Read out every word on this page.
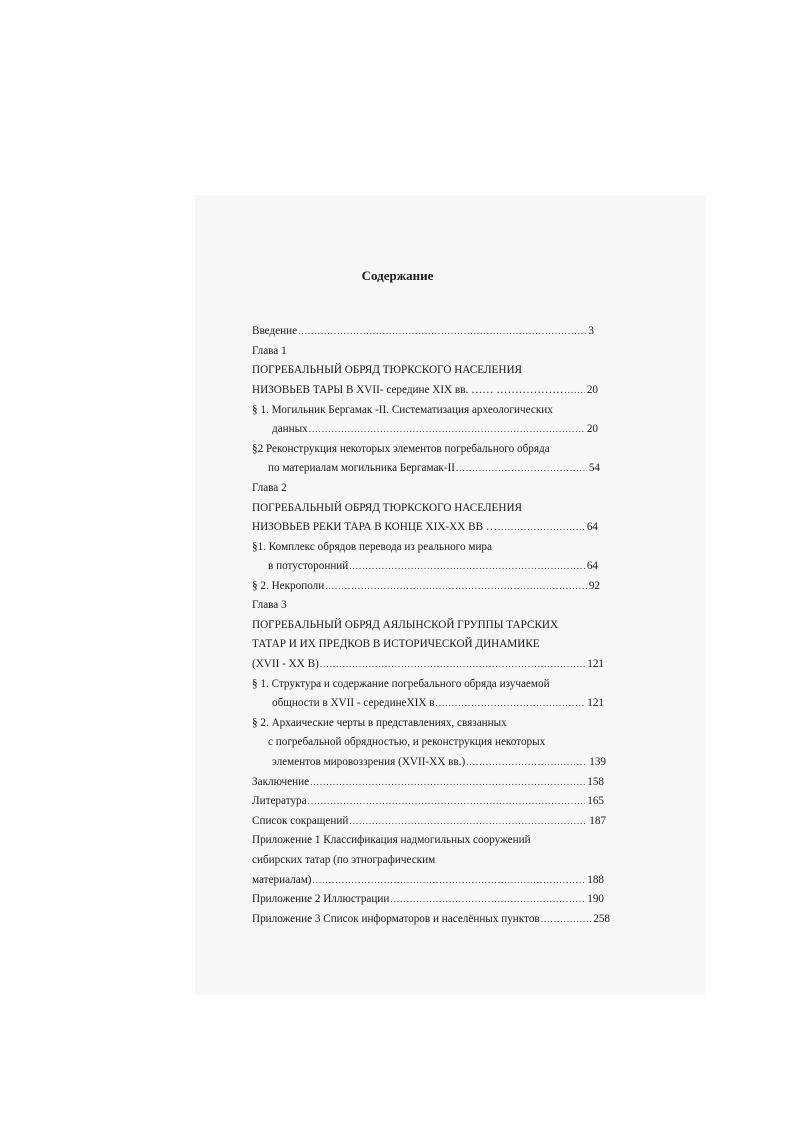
Содержание
Введение .....	3
Глава 1
ПОГРЕБАЛЬНЫЙ ОБРЯД ТЮРКСКОГО НАСЕЛЕНИЯ
НИЗОВЬЕВ ТАРЫ В XVII- середине XIX вв. …… ……………… ..... 20
§ 1. Могильник Бергамак -II. Систематизация археологических
данных .....	20
§2 Реконструкция некоторых элементов погребального обряда
по материалам могильника Бергамак-II .....	54
Глава 2
ПОГРЕБАЛЬНЫЙ ОБРЯД ТЮРКСКОГО НАСЕЛЕНИЯ
НИЗОВЬЕВ РЕКИ ТАРА В КОНЦЕ XIX-XX ВВ … .....	64
§1. Комплекс обрядов перевода из реального мира
в потусторонний .....	64
§ 2. Некрополи .....	92
Глава 3
ПОГРЕБАЛЬНЫЙ ОБРЯД АЯЛЫНСКОЙ ГРУППЫ ТАРСКИХ
ТАТАР И ИХ ПРЕДКОВ В ИСТОРИЧЕСКОЙ ДИНАМИКЕ
(XVII - XX В) .....	121
§ 1. Структура и содержание погребального обряда изучаемой
общности в XVII - серединеXIX в .....	121
§ 2. Архаические черты в представлениях, связанных
с погребальной обрядностью, и реконструкция некоторых
элементов мировоззрения (XVII-XX вв.) .....	139
Заключение .....	158
Литература .....	165
Список сокращений .....	187
Приложение 1 Классификация надмогильных сооружений
сибирских татар (по этнографическим
материалам) .....	188
Приложение 2 Иллюстрации .....	190
Приложение 3 Список информаторов и населённых пунктов .....	258
